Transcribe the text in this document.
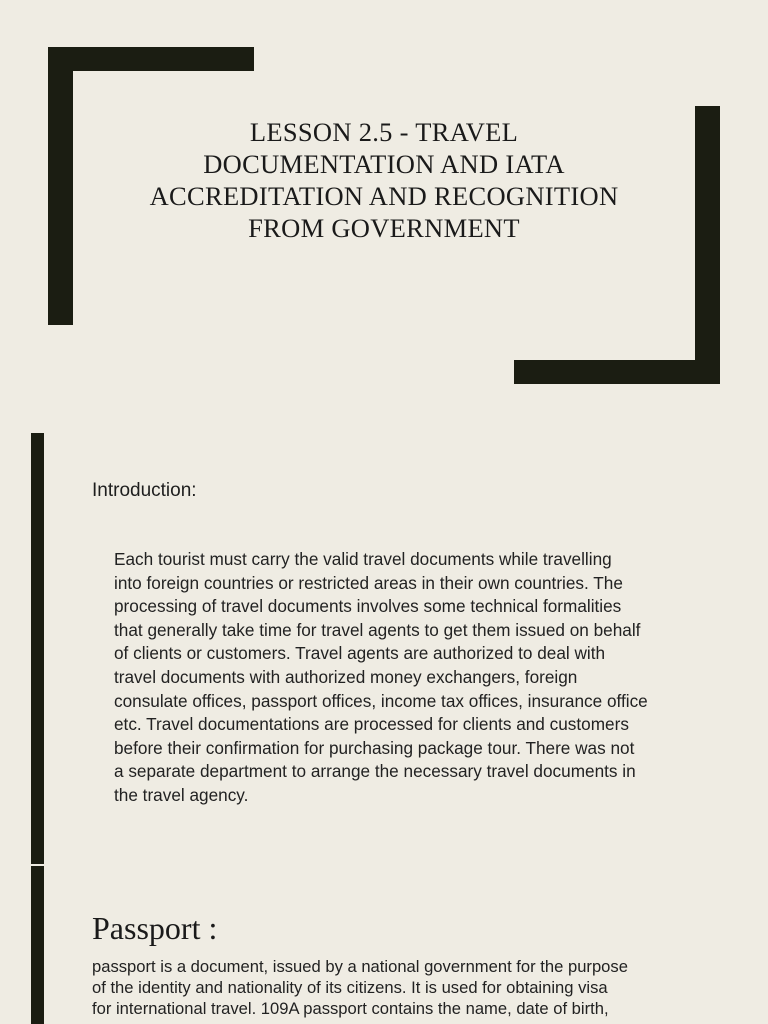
LESSON 2.5 - TRAVEL
DOCUMENTATION AND IATA
ACCREDITATION AND RECOGNITION
FROM GOVERNMENT
Introduction:
Each tourist must carry the valid travel documents while travelling
into foreign countries or restricted areas in their own countries. The
processing of travel documents involves some technical formalities
that generally take time for travel agents to get them issued on behalf
of clients or customers. Travel agents are authorized to deal with
travel documents with authorized money exchangers, foreign
consulate offices, passport offices, income tax offices, insurance office
etc. Travel documentations are processed for clients and customers
before their confirmation for purchasing package tour. There was not
a separate department to arrange the necessary travel documents in
the travel agency.
Passport :
passport is a document, issued by a national government for the purpose
of the identity and nationality of its citizens. It is used for obtaining visa
for international travel. 109A passport contains the name, date of birth,
